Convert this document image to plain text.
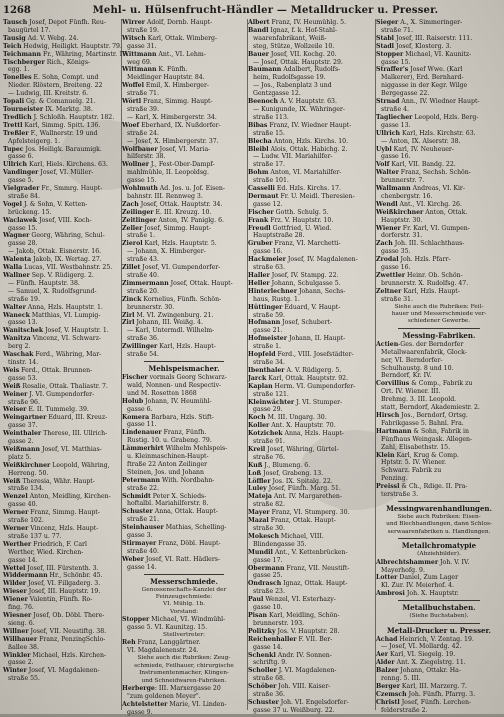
1268	Mehl- u. Hülsenfrucht-Händler — Metalldrucker u. Presser.
Tausch Josef, Depot Fünfh. Reu-
baugürtel 17.
Tausig Ad. V. Webg. 24.
Teich Hedwig, Heiligkt. Hauptstr. 79.
Teichmann Fr., Währing, Martinstr. 17.
Tischberger Rich., Königs-
egg. 1.
Tonelles E. Sohn, Compt. und
Nieder. Rlöstern, Breiteng. 22
— Ludwig, III. Kreitstr. 6.
Topali Gg. & Comanuelg. 21.
Tourneister IX. Marktg. 38.
Tredlich J. Schloßh. Hauptstr. 182.
Trettl Karl, Simmg. Spitt. 136.
Treßler F., Wallnerstr. 19 und
Apfelsteigerg. 1.
Tupec Jos. Heiligk. Baraumigk.
gasse 6.
Ullrich Karl, Hiels. Kirchens. 63.
Vandinger Josef, VI. Müller-
gasse 5.
Vielgrader Fr., Smmrg. Haupt-
straße 84.
Vogel J. & Sohn, V. Ketten-
brückeng. 15.
Waclawek Josef, VIII. Koch-
gasse 15.
Wagner Georg, Währing, Schul-
gasse 28.
— Jakob, Ottak. Eisnerstr. 16.
Walenta Jakob, IX. Wertag. 27.
Walla Lucas, VII. Westbahnstr. 25.
Wallner Sep. V. Rüdigerg. 2.
— Fünfh. Hauptstr. 38.
— Samuel, X. Rudolfsgrund-
straße 19.
Walter Anna, Hzls. Hauptstr. 1.
Waneck Matthias, VI. Lumpig-
gasse 13.
Wanitschek Josef, V. Hauptstr. 1.
Wanitza Vincenz, VI. Schwarz-
berg 2.
Waschak Ferd., Währing, Mar-
tinstr. 14.
Weis Ferd., Ottak. Brunnen-
gasse 53.
Weiß Rosalie, Ottak. Thaliastr. 7.
Weiner J. VI. Gumpendorfer-
straße 96.
Weiser E. II. Tummelg. 39.
Weingartner Eduard, III. Kreuz-
gasse 37.
Weinthaler Therese, III. Ullrich-
gasse 2.
Weißmann Josef, VI. Matthias-
platz 5.
Weißkirchner Leopold, Währing,
Herreng. 50.
Weiß Theresia, Währ. Haupt-
straße 134.
Wenzel Anton, Meidling, Kirchen-
gasse 40.
Werner Franz, Simmg. Haupt-
straße 102.
Werner Vincenz, Hzls. Haupt-
straße 137 u. 77.
Werther Friedrich, F. Carl
Werther, Wied. Kirchen-
gasse 14.
Wettel Josef, III. Fürstenth. 3.
Widdermann Hr., Schönbr. 45.
Wilder Josef, VI. Fillgaderg. 3.
Wieser Josef, III. Hauptstr. 19.
Wiener Valentin, Fünfh. Ro-
fing. 76.
Wiesner Josef, Ob. Döbl. There-
sieng. 6.
Willner Josef, VII. Neustiftg. 38.
Willhauer Franz, PenzingSchlo-
ßallee 38.
Winkler Michael, Hzls. Kirchen-
gasse 2.
Winter Josef, VI. Magdalenen-
straße 55.
Wirrer Adolf, Dornb. Haupt-
straße 19.
Witsch Karl, Ottak. Wimberg-
gasse 31.
Wittmann Ant., VI. Lehm-
weg 69.
Wittmann K. Fünfh.
Meidlinger Hauptstr. 84.
Woffel Emil, X. Himberger-
straße 71.
Wörtl Franz, Simmg. Haupt-
straße 39.
— Karl, X. Himbergerstr. 34.
Woef Eberhard, IX. Nußdorfer-
straße 24.
— Josef, X. Himbergerstr. 37.
Wolfbauer Josef, VI. Maria-
hilferstr. 38.
Wollner J., Fest-Ober-Dampf-
mahlmühle, II. Leopoldsg.
gasse 15.
Wohlmuth Ad. Jos. u. Jof. Eisen-
bahnstr. III. Rennweg 3.
Zach Josef, Ottak. Hauptstr. 34.
Zeilinger E. III. Kreuzg. 10.
Zeitlinger Anton, IV. Paniglg. 6.
Zeller Josef, Simmg. Haupt-
straße 1.
Zierol Karl, Hzls. Hauptstr. 5.
— Johann, X. Himberger-
straße 43.
Zillet Josef, VI. Gumpendorfer-
straße 40.
Zimmermann Josef, Ottak. Haupt-
straße 20.
Zinck Kornelius, Fünfh. Schön-
brunnerstr. 30.
Zirl M. VI. Zwingenburg. 21.
Zirl Johann, III. Weißg. 4.
— Karl, Untermdl. Wilhelm-
straße 36.
Zwillinger Karl, Hzls. Haupt-
straße 54.
Mehlspeismacher.
Fischer vormals Georg Schwarz-
wald, Nonnen- und Respectiv-
und M. Rosetten 1868
Holub Johann, IV. Heumühl-
gasse 6.
Komera Barbara, Hzls. Stift-
gasse 11.
Lindenauer Franz, Fünfh.
Rustig. 10. u. Grabeng. 79.
Lämmerhirt Wilhelm Mehlspeis-
u. Kleinmaschinen-Haupt-
ftraße 22 Anton Zeilinger
Steinen, Jos. und Johann
Petermann With. Nordbahn-
straße 22.
Schmidt Peter X. Schieds-
hoftalbl. Mariahilferstr. 8.
Schuster Anna, Ottak. Haupt-
straße 21.
Steinhauser Mathias, Schelling-
gasse 3.
Stirmayer Franz, Döbl. Haupt-
straße 40.
Weber Josef, VI. Ratt. Hädlers-
gasse 14.
Messerschmiede.
Genossenschafts-Kanzlei der
Feinzeugschmiede:
VI. Mühlg. 1b.
Vorstand:
Stopper Michael, VI. Windmühl-
gasse 5. VI. Kaunitzg. 15.
Stellvertreter:
Reh Franz, Langgärtner.
VI. Magdalenenstr. 24.
Siehe auch die Rubriken: Zeug-
schmiede, Feilhauer, chirurgische
Instrumentenmacher, Klingen-
und Schneidwaren-Fabriken.
Herberge: III. Marxergasse 20
"zum goldenen Meyer".
Achtelstetter Marie, VI. Linden-
gasse 9.
Albert Franz, IV. Heumühlg. 5.
Bandl Ignaz, f. k. Hof-Stahl-
waarenfabrikant, Weiß-
steg, Stütze, Wollzeile 10.
Bauer Josef, VII. Kochg. 20.
— Josef, Ottak. Hauptstr. 29.
Baumann Adalbert, Rudolfs-
heim, Rudolfsgasse 19.
— Jos., Rabenplatz 3 und
Gentzgasse 12.
Beenoch A. V. Hauptstr. 63.
— Kunigunde, IX. Währinger-
straße 113.
Bibas Franz, IV. Wiedner Haupt-
straße 15.
Blecha Anton, Hzls. Kirchs. 10.
Bleibl Alois, Ottak. Habichg. 2.
— Ludw. VII. Mariahilfer-
straße 17.
Bohm Anton, VI. Mariahilfer-
straße 101.
Casselli Ed. Hzls. Kirchs. 17.
Dermaut Fr. U. Meidl. Theresien-
gasse 12.
Fischer Gotth. Schulg. 5.
Frank Frz. V. Hauptstr. 10.
Freudl Gottfried, U. Wied.
Hauptstraße 28.
Gruber Franz, VI. Marchetti-
gasse 16.
Hackmeier Josef, IV. Magdalenen-
straße 63.
Haller Josef, IV. Stampg. 22.
Heller Johann, Schulgasse 5.
Hinterlechner Johann, Sechs-
haus, Rustg. 1.
Hüttinger Eduard, V. Haupt-
straße 59.
Hofmann Josef, Schubert-
gasse 21.
Hofmeister Johann, II. Haupt-
straße 1.
Hopfeld Ferd., VIII. Josefstädter-
straße 34.
Ibenthaler A. V. Rüdigerg. 5.
Jarck Karl, Ottak. Hauptstr. 92.
Kaplan Herm. VI. Gumpendorfer-
straße 121.
Kleinwächter J. VI. Stumper-
gasse 29.
Koch M. III. Ungarg. 30.
Koller Ant. X. Hauptstr. 70.
Kotzichek Anna, Hzls. Haupt-
straße 91.
Kreil Josef, Währing, Gürtel-
straße 76.
Kuß J., Blumeng. 6.
Loß Josef, Grabeng. 13.
Löffler Jos. IX. Spitalg. 22.
Luley Josef, Fünfh. Marg. 51.
Mateja Ant. IV. Margarethen-
straße 82.
Mayer Franz, VI. Stumperg. 30.
Mazal Franz, Ottak. Haupt-
straße 30.
Mokesch Michael, VIII.
Blindengasse 35.
Mundil Ant., V. Kettenbrücken-
gasse 17.
Obermann Franz, VII. Neustift-
gasse 25.
Ondrasch Ignaz, Ottak. Haupt-
straße 23.
Paul Wenzel, VI. Esterhazy-
gasse 10.
Pisan Karl, Meidling, Schön-
brunnerstr. 193.
Politzky Jos. V. Hauptstr. 28.
Reichenhaller F. VII. Ber-
gasse 14.
Schenkl Andr. IV. Sonnen-
schriftg. 9.
Scholler J. VI. Magdalenen-
straße 68.
Schöber Joh. VIII. Kaiser-
straße 36.
Schuster Joh. VI. Engelsdorfer-
gasse 37 u. Weißburg. 22.
Sieger A., X. Simmeringer-
straße 71.
Stabl Josef, III. Raiserstr. 111.
Stadl Josef, Klosterg. 3.
Stopper Michael, VI. Kaunitz-
gasse 15.
Straffer's Josef Wwe. (Karl
Malkerer), Erd. Bernhard-
niggasse in der Kegr. Wilge
Bergegasse 22.
Strnad Ann., IV. Wiedner Haupt-
straße 4.
Tagliecher Leopold, Hzls. Berg-
gasse 13.
Ullrich Karl, Hzls. Kirchstr. 63.
— Anton, IX. Alserstr. 38.
Uybl Karl, IV. Neuheuer-
gasse 16.
Volf Karl, VII. Bandg. 22.
Walter Franz, Sechsh. Schön-
brunnerstr. 7.
Wallmann Andreas, VI. Kir-
chenbergstr. 16.
Wendl Ant., VI. Kirchg. 26.
Weißkirchner Anton, Ottak.
Hauptstr. 30.
Wiener Fr. Karl, VI. Gumpen-
dorferstr. 31.
Zach Joh. III. Schlachthaus-
gasse 35.
Zrodal Joh. Hzls. Pfarr-
gasse 16.
Zwettler Heinr. Ob. Schön-
brunnerstr. X. Rudolfsg. 47.
Zeltner Karl, Hzls. Haupt-
straße 31.
Siehe auch die Rubriken: Feil-
hauer und Messerschmiede ver-
schiedener Gewerbe.
Messing-Fabriken.
Actien-Ges. der Berndorfer
Metallwaarenfabrik, Glock-
ner, VI. Berndorfer-
Schulhaustg. 8 und 10.
Berndorf, Kr. IV.
Corvillius & Comp., Fabrik zu
Ort. IV. Wiener. III.
Brehmg. 3. III. Leopold.
statt, Berndorf, Akademiestr. 2.
Hirsch Jos., Berndorf, Ortsg.
Fabrikgasse 5. Bahnl. Fra.
Hartmann & Sohn, Fabrik in
Fünfhaus Weingask. Allegen-
Zahl, Elisabethstr. 15.
Klein Karl, Krug & Comp.
Hptstr. 5. IV. Wiener.
Schwarz. Fabrik zu
Penzing.
Preissl & Ch., Rdige. II. Pra-
terstraße 3.
Messingwarenhandlungen.
Siehe auch Rubriken: Eisen-
und Blechhandlungen, dann Schlos-
serwaarenfabriken u. Handlungen.
Metallchromatypie
(Abziehbilder).
Albrechtshammer Joh. V. IV.
Mayerhofg. 9.
Lotter Daniel, Zum Lager
Kl. Zur. IV. Meierhof. 4.
Ambrosi Joh. X. Hauptstr.
Metallbuchstaben.
(Siehe Buchstaben).
Metall-Drucker u. Presser.
Achad Heinrich, V. Zentag. 19.
— Josef, VI. Mollardg. 42.
Aer Karl, VI. Siegelg. 19.
Alder Ant. X. Ziegelstrg. 11.
Balzer Johann, Ottakr. Ha-
renng. 5. III.
Berger Karl, III. Marzerg. 7.
Czemsch Joh. Fünfh. Pfarrg. 3.
Christl Josef, Fünfh. Lerchen-
felderstraße 2.
